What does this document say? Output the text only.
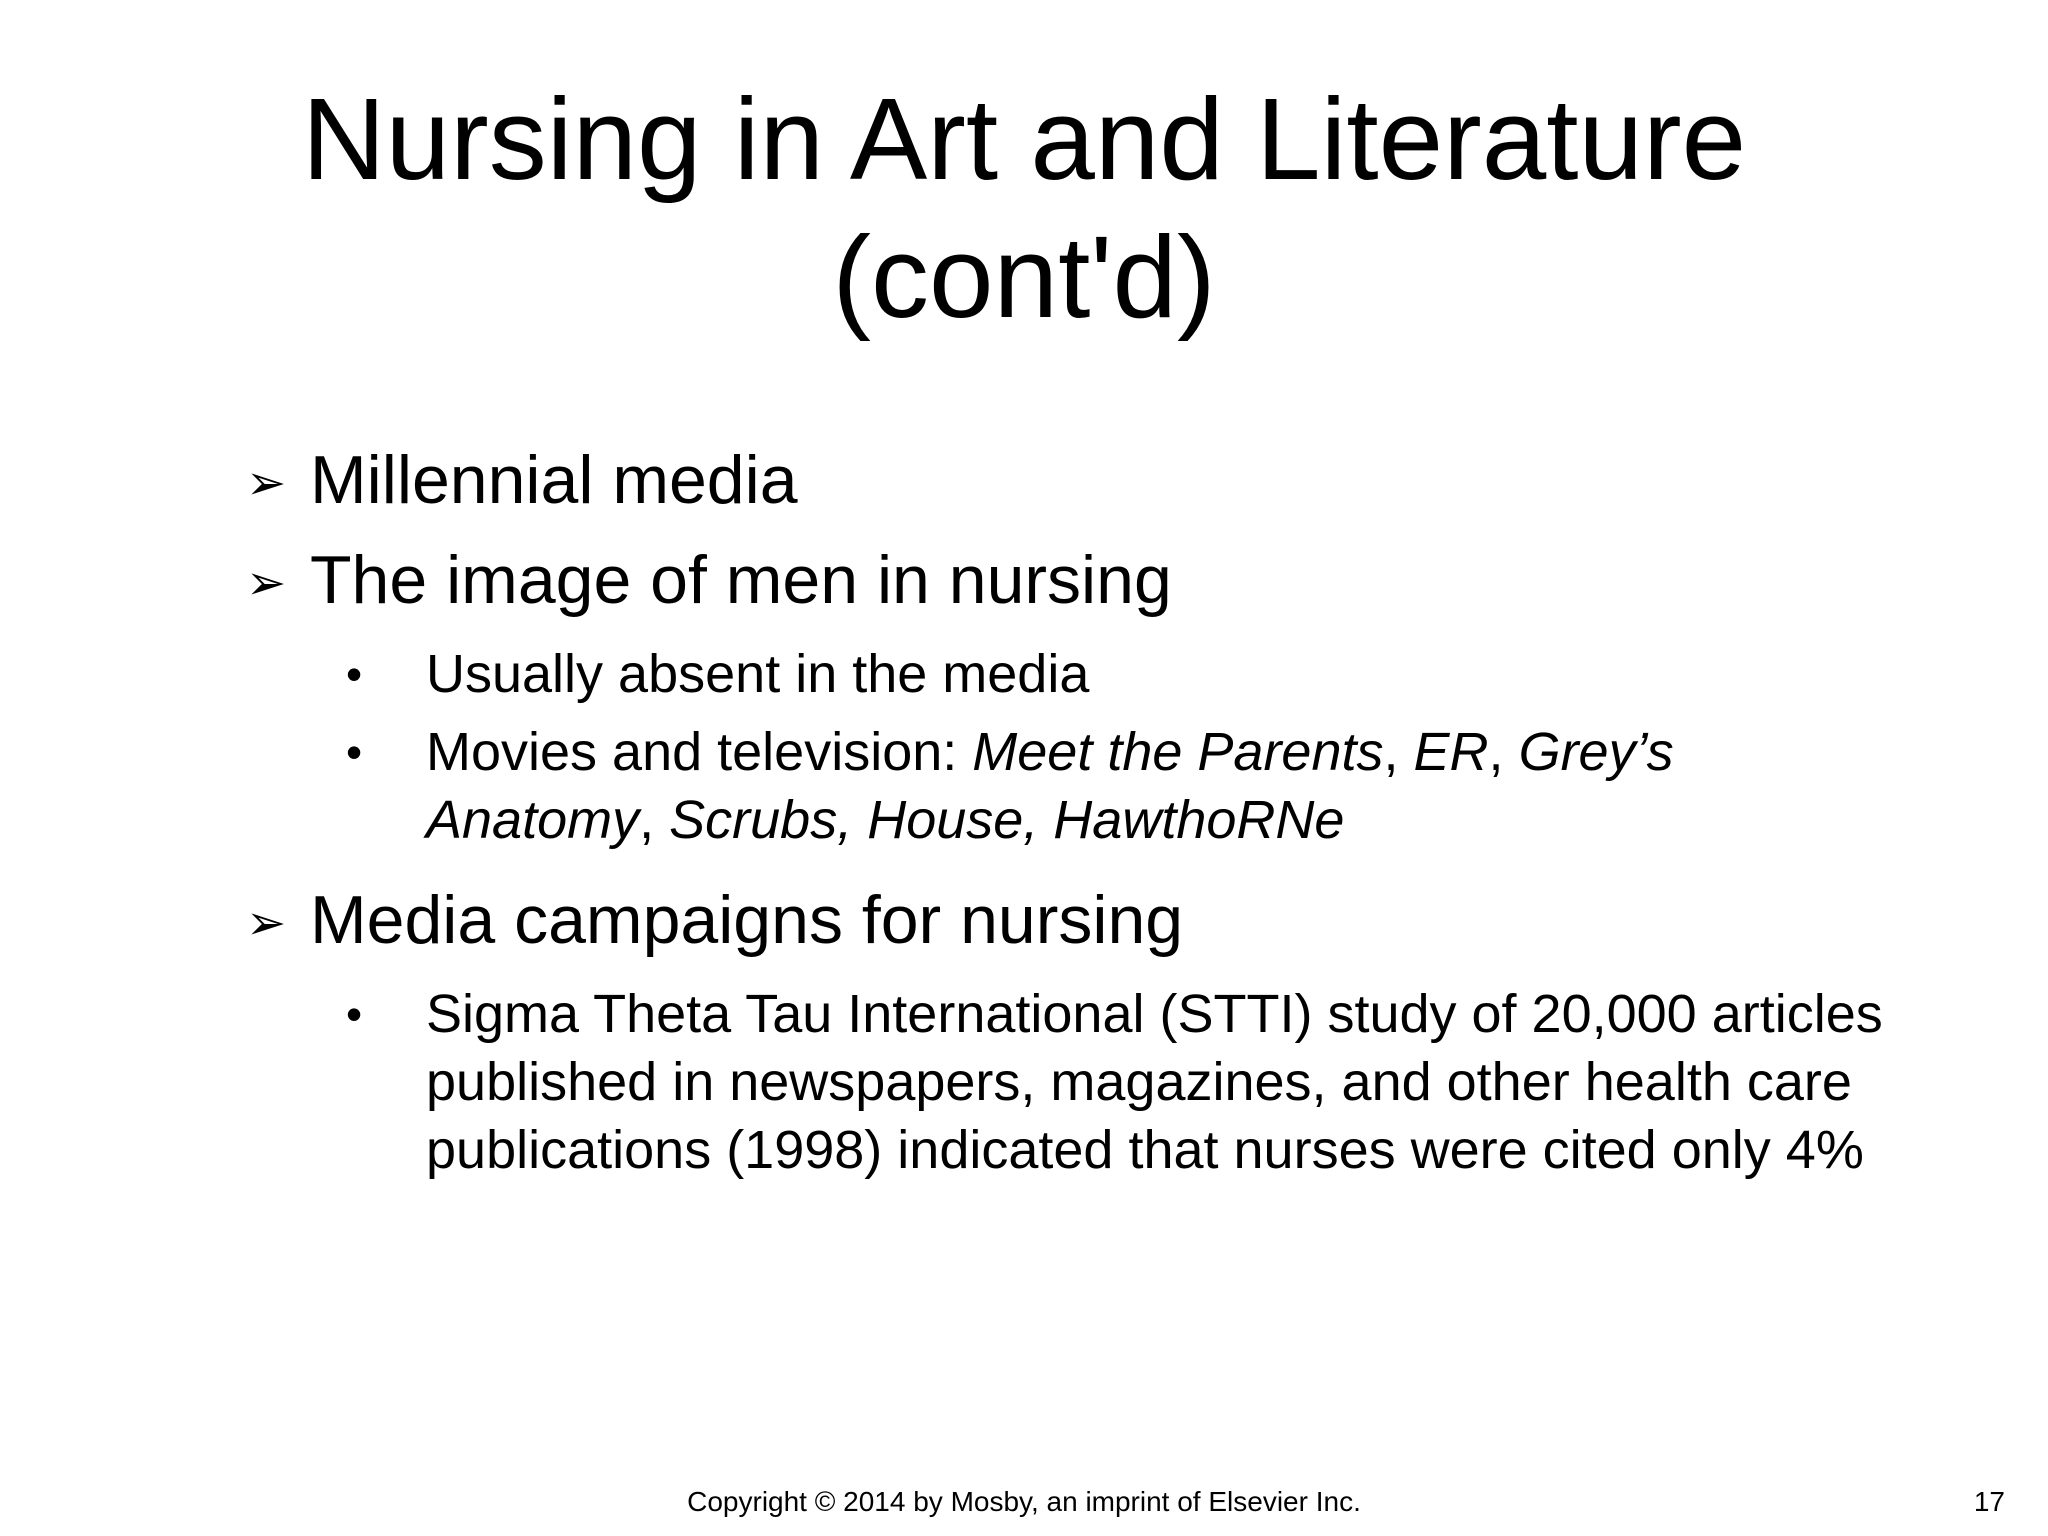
Nursing in Art and Literature
(cont'd)
➢ Millennial media
➢ The image of men in nursing
• Usually absent in the media
• Movies and television: Meet the Parents, ER, Grey’s Anatomy, Scrubs, House, HawthoRNe
➢ Media campaigns for nursing
• Sigma Theta Tau International (STTI) study of 20,000 articles published in newspapers, magazines, and other health care publications (1998) indicated that nurses were cited only 4%
Copyright © 2014 by Mosby, an imprint of Elsevier Inc.	17
